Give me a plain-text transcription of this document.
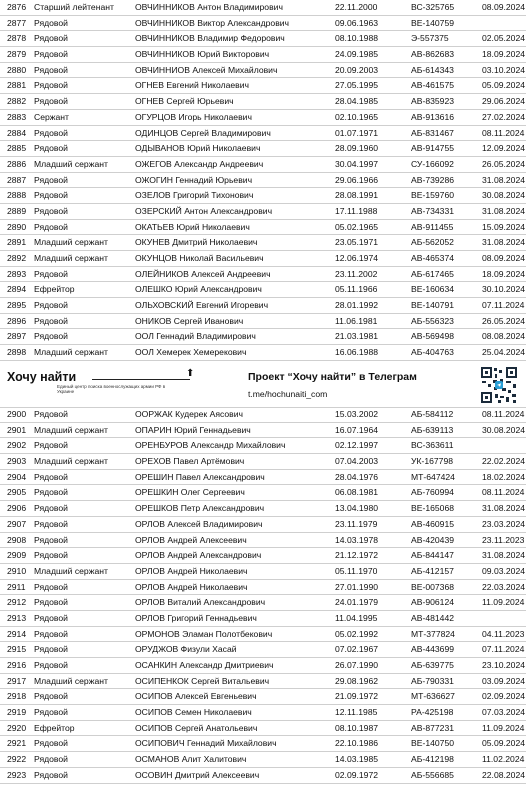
2876 Старший лейтенант	ОВЧИННИКОВ Антон Владимирович	22.11.2000	ВС-325765	08.09.2024
2877 Рядовой	ОВЧИННИКОВ Виктор Александрович	09.06.1963	ВЕ-140759
2878 Рядовой	ОВЧИННИКОВ Владимир Федорович	08.10.1988	Э-557375	02.05.2024
2879 Рядовой	ОВЧИННИКОВ Юрий Викторович	24.09.1985	АВ-862683	18.09.2024
2880 Рядовой	ОВЧИННИОВ Алексей Михайлович	20.09.2003	АБ-614343	03.10.2024
2881 Рядовой	ОГНЕВ Евгений Николаевич	27.05.1995	АВ-461575	05.09.2024
2882 Рядовой	ОГНЕВ Сергей Юрьевич	28.04.1985	АВ-835923	29.06.2024
2883 Сержант	ОГУРЦОВ Игорь Николаевич	02.10.1965	АВ-913616	27.02.2024
2884 Рядовой	ОДИНЦОВ Сергей Владимирович	01.07.1971	АБ-831467	08.11.2024
2885 Рядовой	ОДЫВАНОВ Юрий Николаевич	28.09.1960	АВ-914755	12.09.2024
2886 Младший сержант	ОЖЕГОВ Александр Андреевич	30.04.1997	СУ-166092	26.05.2024
2887 Рядовой	ОЖОГИН Геннадий Юрьевич	29.06.1966	АВ-739286	31.08.2024
2888 Рядовой	ОЗЕЛОВ Григорий Тихонович	28.08.1991	ВЕ-159760	30.08.2024
2889 Рядовой	ОЗЕРСКИЙ Антон Александрович	17.11.1988	АВ-734331	31.08.2024
2890 Рядовой	ОКАТЬЕВ Юрий Николаевич	05.02.1965	АВ-911455	15.09.2024
2891 Младший сержант	ОКУНЕВ Дмитрий Николаевич	23.05.1971	АБ-562052	31.08.2024
2892 Младший сержант	ОКУНЦОВ Николай Васильевич	12.06.1974	АВ-465374	08.09.2024
2893 Рядовой	ОЛЕЙНИКОВ Алексей Андреевич	23.11.2002	АБ-617465	18.09.2024
2894 Ефрейтор	ОЛЕШКО Юрий Александрович	05.11.1966	ВЕ-160634	30.10.2024
2895 Рядовой	ОЛЬХОВСКИЙ Евгений Игоревич	28.01.1992	ВЕ-140791	07.11.2024
2896 Рядовой	ОНИКОВ Сергей Иванович	11.06.1981	АБ-556323	26.05.2024
2897 Рядовой	ООЛ Геннадий Владимирович	21.03.1981	АВ-569498	08.08.2024
2898 Младший сержант	ООЛ Хемерек Хемерекович	16.06.1988	АБ-404763	25.04.2024
Хочу найти	⬆
Единый центр поиска военнослужащих армии РФ в Украине
Проект “Хочу найти” в Телеграм
t.me/hochunaiti_com
2900 Рядовой	ООРЖАК Кудерек Аясович	15.03.2002	АБ-584112	08.11.2024
2901 Младший сержант	ОПАРИН Юрий Геннадьевич	16.07.1964	АБ-639113	30.08.2024
2902 Рядовой	ОРЕНБУРОВ Александр Михайлович	02.12.1997	ВС-363611
2903 Младший сержант	ОРЕХОВ Павел Артёмович	07.04.2003	УК-167798	22.02.2024
2904 Рядовой	ОРЕШИН Павел Александрович	28.04.1976	МТ-647424	18.02.2024
2905 Рядовой	ОРЕШКИН Олег Сергеевич	06.08.1981	АБ-760994	08.11.2024
2906 Рядовой	ОРЕШКОВ Петр Александрович	13.04.1980	ВЕ-165068	31.08.2024
2907 Рядовой	ОРЛОВ Алексей Владимирович	23.11.1979	АВ-460915	23.03.2024
2908 Рядовой	ОРЛОВ Андрей Алексеевич	14.03.1978	АВ-420439	23.11.2023
2909 Рядовой	ОРЛОВ Андрей Александрович	21.12.1972	АБ-844147	31.08.2024
2910 Младший сержант	ОРЛОВ Андрей Николаевич	05.11.1970	АБ-412157	09.03.2024
2911 Рядовой	ОРЛОВ Андрей Николаевич	27.01.1990	ВЕ-007368	22.03.2024
2912 Рядовой	ОРЛОВ Виталий Александрович	24.01.1979	АВ-906124	11.09.2024
2913 Рядовой	ОРЛОВ Григорий Геннадьевич	11.04.1995	АВ-481442
2914 Рядовой	ОРМОНОВ Эламан Полотбекович	05.02.1992	МТ-377824	04.11.2023
2915 Рядовой	ОРУДЖОВ Физули Хасай	07.02.1967	АВ-443699	07.11.2024
2916 Рядовой	ОСАНКИН Александр Дмитриевич	26.07.1990	АБ-639775	23.10.2024
2917 Младший сержант	ОСИПЕНКОК Сергей Витальевич	29.08.1962	АБ-790331	03.09.2024
2918 Рядовой	ОСИПОВ Алексей Евгеньевич	21.09.1972	МТ-636627	02.09.2024
2919 Рядовой	ОСИПОВ Семен Николаевич	12.11.1985	РА-425198	07.03.2024
2920 Ефрейтор	ОСИПОВ Сергей Анатольевич	08.10.1987	АВ-877231	11.09.2024
2921 Рядовой	ОСИПОВИЧ Геннадий Михайлович	22.10.1986	ВЕ-140750	05.09.2024
2922 Рядовой	ОСМАНОВ Алит Халитович	14.03.1985	АБ-412198	11.02.2024
2923 Рядовой	ОСОВИН Дмитрий Алексеевич	02.09.1972	АБ-556685	22.08.2024
